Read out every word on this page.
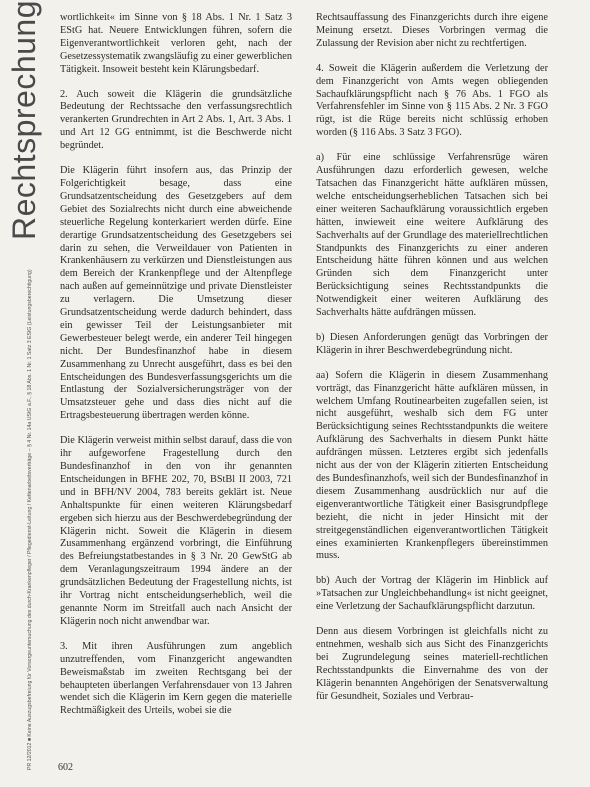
Rechtsprechung
PR 12/2012 ■ Keine Auszugsbefreiung für Vorsorgeuntersuchung des durch-Krankenpfleger / Pflegedienst-Leitung / Kettenarbeitsverträge – § 4 Nr. 14a UStG a.F., § 18 Abs. 1 Nr. 1 Satz 3 EStG (Leistungsberechtigung)

wortlichkeit« im Sinne von § 18 Abs. 1 Nr. 1 Satz 3 EStG hat. Neuere Entwicklungen führen, sofern die Eigenverantwortlichkeit verloren geht, nach der Gesetzessystematik zwangsläufig zu einer gewerblichen Tätigkeit. Insoweit besteht kein Klärungsbedarf.

2. Auch soweit die Klägerin die grundsätzliche Bedeutung der Rechtssache den verfassungsrechtlich verankerten Grundrechten in Art 2 Abs. 1, Art. 3 Abs. 1 und Art 12 GG entnimmt, ist die Beschwerde nicht begründet.

Die Klägerin führt insofern aus, das Prinzip der Folgerichtigkeit besage, dass eine Grundsatzentscheidung des Gesetzgebers auf dem Gebiet des Sozialrechts nicht durch eine abweichende steuerliche Regelung konterkariert werden dürfe. Eine derartige Grundsatzentscheidung des Gesetzgebers sei darin zu sehen, die Verweildauer von Patienten in Krankenhäusern zu verkürzen und Dienstleistungen aus dem Bereich der Krankenpflege und der Altenpflege nach außen auf gemeinnützige und private Dienstleister zu verlagern. Die Umsetzung dieser Grundsatzentscheidung werde dadurch behindert, dass ein gewisser Teil der Leistungsanbieter mit Gewerbesteuer belegt werde, ein anderer Teil hingegen nicht. Der Bundesfinanzhof habe in diesem Zusammenhang zu Unrecht ausgeführt, dass es bei den Entscheidungen des Bundesverfassungsgerichts um die Entlastung der Sozialversicherungsträger von der Umsatzsteuer gehe und dass dies nicht auf die Ertragsbesteuerung übertragen werden könne.

Die Klägerin verweist mithin selbst darauf, dass die von ihr aufgeworfene Fragestellung durch den Bundesfinanzhof in den von ihr genannten Entscheidungen in BFHE 202, 70, BStBl II 2003, 721 und in BFH/NV 2004, 783 bereits geklärt ist. Neue Anhaltspunkte für einen weiteren Klärungsbedarf ergeben sich hierzu aus der Beschwerdebegründung der Klägerin nicht. Soweit die Klägerin in diesem Zusammenhang ergänzend vorbringt, die Einführung des Befreiungstatbestandes in § 3 Nr. 20 GewStG ab dem Veranlagungszeitraum 1994 ändere an der grundsätzlichen Bedeutung der Fragestellung nichts, ist ihr Vortrag nicht entscheidungserheblich, weil die genannte Norm im Streitfall auch nach Ansicht der Klägerin noch nicht anwendbar war.

3. Mit ihren Ausführungen zum angeblich unzutreffenden, vom Finanzgericht angewandten Beweismaßstab im zweiten Rechtsgang bei der behaupteten überlangen Verfahrensdauer von 13 Jahren wendet sich die Klägerin im Kern gegen die materielle Rechtmäßigkeit des Urteils, wobei sie die

Rechtsauffassung des Finanzgerichts durch ihre eigene Meinung ersetzt. Dieses Vorbringen vermag die Zulassung der Revision aber nicht zu rechtfertigen.

4. Soweit die Klägerin außerdem die Verletzung der dem Finanzgericht von Amts wegen obliegenden Sachaufklärungspflicht nach § 76 Abs. 1 FGO als Verfahrensfehler im Sinne von § 115 Abs. 2 Nr. 3 FGO rügt, ist die Rüge bereits nicht schlüssig erhoben worden (§ 116 Abs. 3 Satz 3 FGO).

a) Für eine schlüssige Verfahrensrüge wären Ausführungen dazu erforderlich gewesen, welche Tatsachen das Finanzgericht hätte aufklären müssen, welche entscheidungserheblichen Tatsachen sich bei einer weiteren Sachaufklärung voraussichtlich ergeben hätten, inwieweit eine weitere Aufklärung des Sachverhalts auf der Grundlage des materiellrechtlichen Standpunkts des Finanzgerichts zu einer anderen Entscheidung hätte führen können und aus welchen Gründen sich dem Finanzgericht unter Berücksichtigung seines Rechtsstandpunkts die Notwendigkeit einer weiteren Aufklärung des Sachverhalts hätte aufdrängen müssen.

b) Diesen Anforderungen genügt das Vorbringen der Klägerin in ihrer Beschwerdebegründung nicht.

aa) Sofern die Klägerin in diesem Zusammenhang vorträgt, das Finanzgericht hätte aufklären müssen, in welchem Umfang Routinearbeiten zugefallen seien, ist nicht ausgeführt, weshalb sich dem FG unter Berücksichtigung seines Rechtsstandpunkts die weitere Aufklärung des Sachverhalts in diesem Punkt hätte aufdrängen müssen. Letzteres ergibt sich jedenfalls nicht aus der von der Klägerin zitierten Entscheidung des Bundesfinanzhofs, weil sich der Bundesfinanzhof in diesem Zusammenhang ausdrücklich nur auf die eigenverantwortliche Tätigkeit einer Basisgrundpflege bezieht, die nicht in jeder Hinsicht mit der streitgegenständlichen eigenverantwortlichen Tätigkeit eines examinierten Krankenpflegers übereinstimmen muss.

bb) Auch der Vortrag der Klägerin im Hinblick auf »Tatsachen zur Ungleichbehandlung« ist nicht geeignet, eine Verletzung der Sachaufklärungspflicht darzutun.

Denn aus diesem Vorbringen ist gleichfalls nicht zu entnehmen, weshalb sich aus Sicht des Finanzgerichts bei Zugrundelegung seines materiell-rechtlichen Rechtsstandpunkts die Einvernahme des von der Klägerin benannten Angehörigen der Senatsverwaltung für Gesundheit, Soziales und Verbrau-

602
